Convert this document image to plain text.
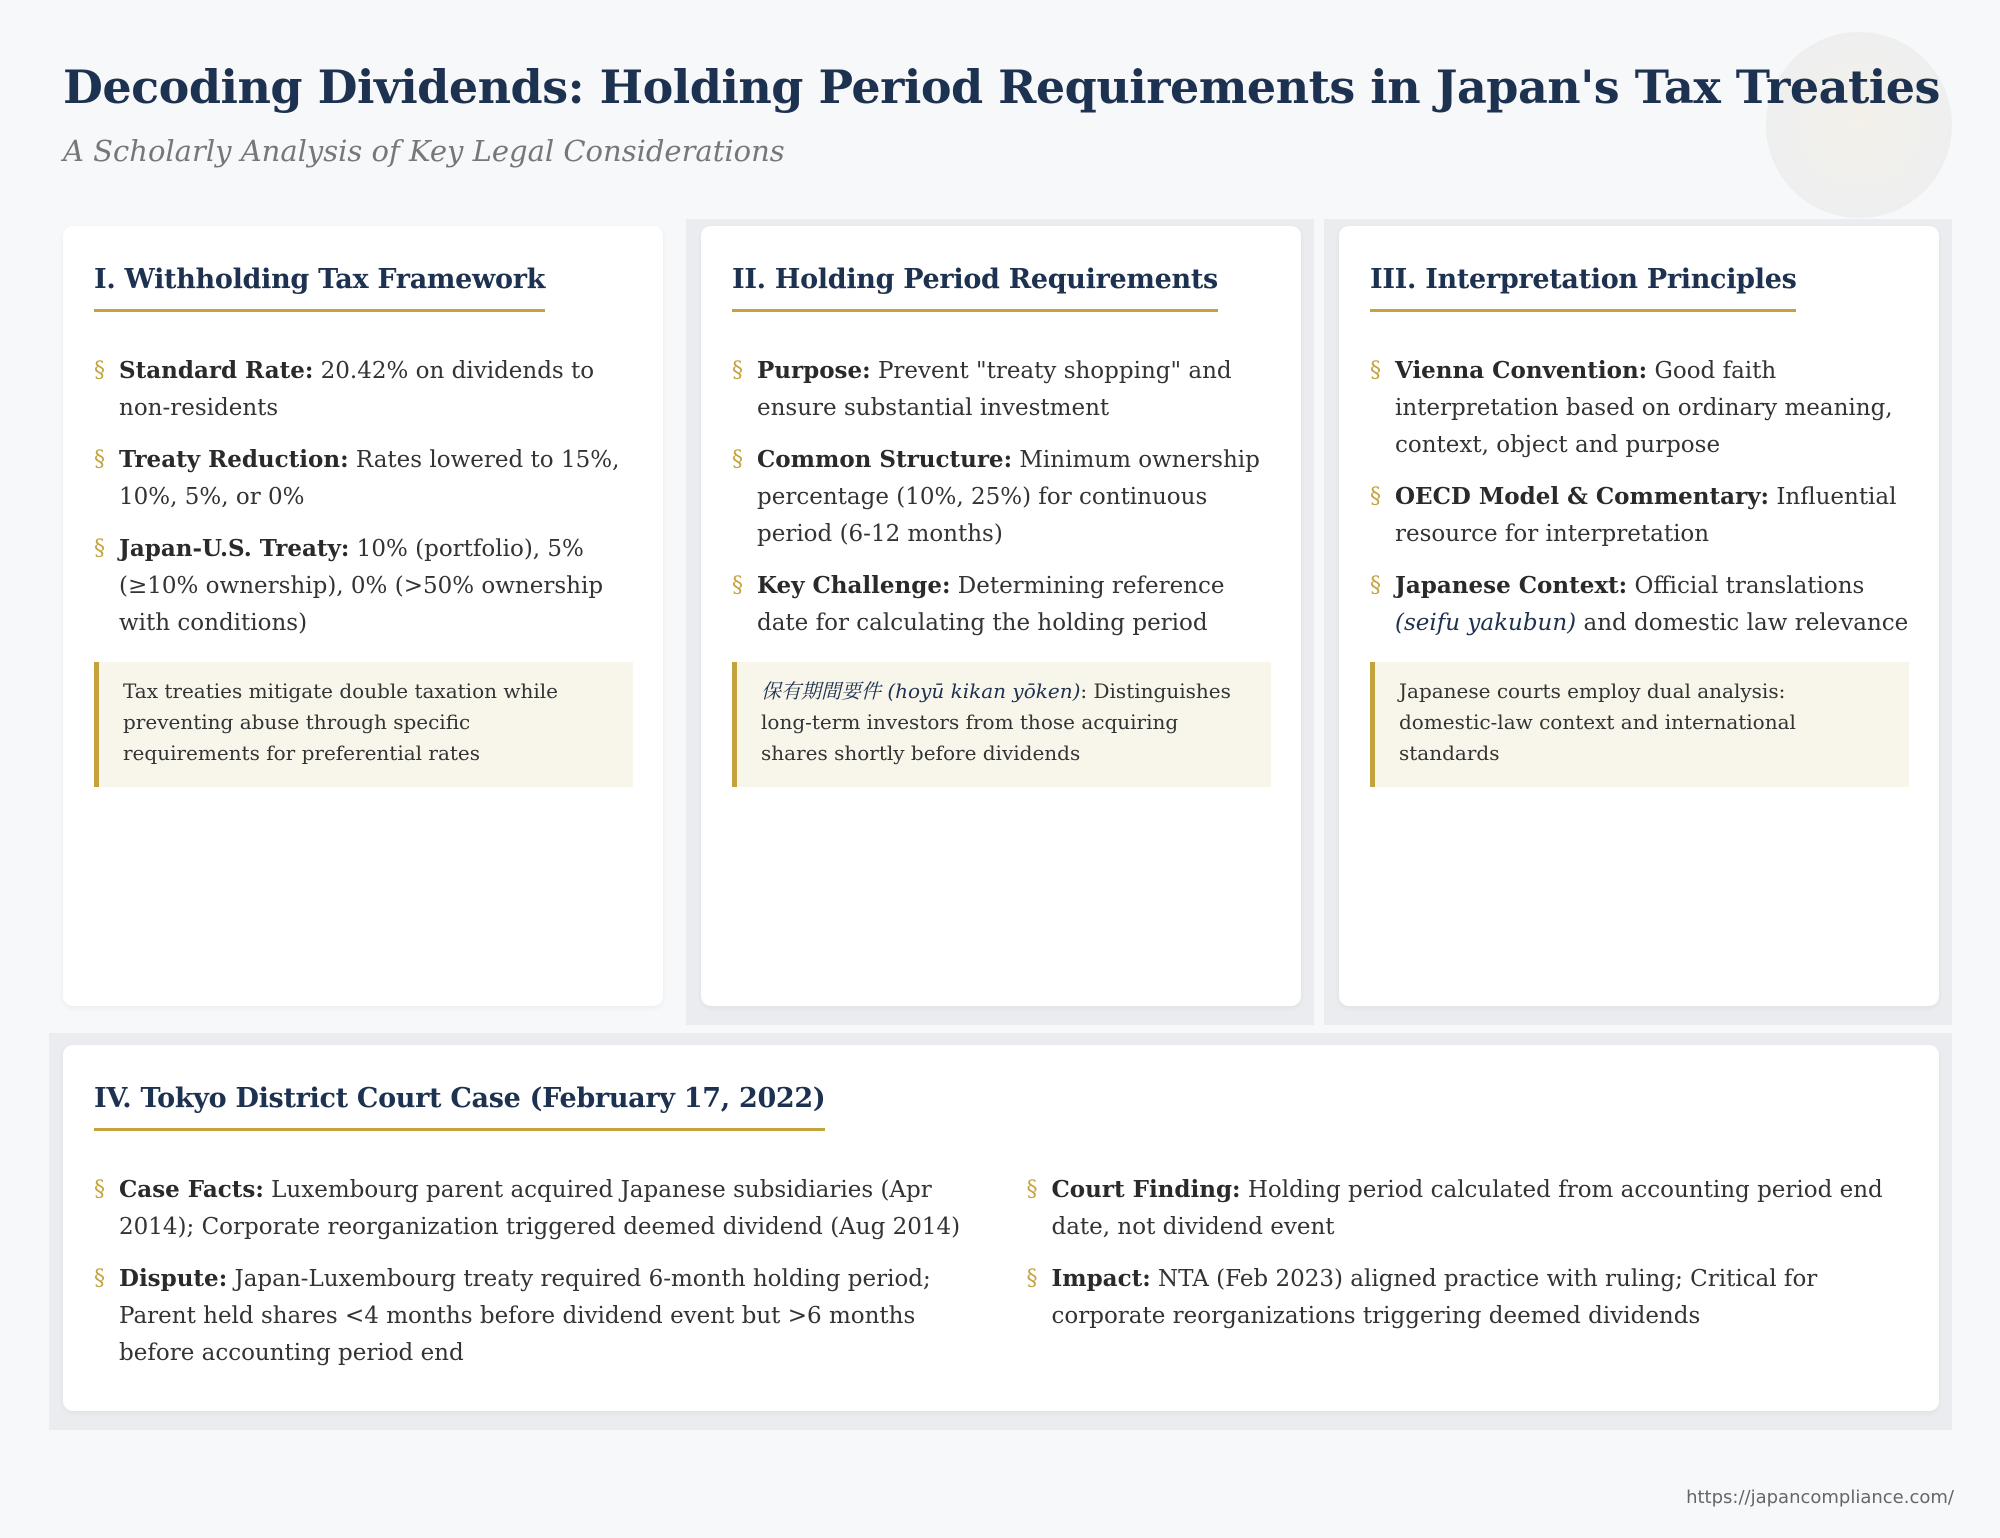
Decoding Dividends: Holding Period Requirements in Japan's Tax Treaties

A Scholarly Analysis of Key Legal Considerations

I. Withholding Tax Framework
§ Standard Rate: 20.42% on dividends to non-residents
§ Treaty Reduction: Rates lowered to 15%, 10%, 5%, or 0%
§ Japan-U.S. Treaty: 10% (portfolio), 5% (≥10% ownership), 0% (>50% ownership with conditions)
Tax treaties mitigate double taxation while preventing abuse through specific requirements for preferential rates
II. Holding Period Requirements
§ Purpose: Prevent "treaty shopping" and ensure substantial investment
§ Common Structure: Minimum ownership percentage (10%, 25%) for continuous period (6-12 months)
§ Key Challenge: Determining reference date for calculating the holding period
保有期間要件 (hoyū kikan yōken): Distinguishes long-term investors from those acquiring shares shortly before dividends
III. Interpretation Principles
§ Vienna Convention: Good faith interpretation based on ordinary meaning, context, object and purpose
§ OECD Model & Commentary: Influential resource for interpretation
§ Japanese Context: Official translations (seifu yakubun) and domestic law relevance
Japanese courts employ dual analysis: domestic-law context and international standards
IV. Tokyo District Court Case (February 17, 2022)
§ Case Facts: Luxembourg parent acquired Japanese subsidiaries (Apr 2014); Corporate reorganization triggered deemed dividend (Aug 2014)
§ Dispute: Japan-Luxembourg treaty required 6-month holding period; Parent held shares <4 months before dividend event but >6 months before accounting period end
§ Court Finding: Holding period calculated from accounting period end date, not dividend event
§ Impact: NTA (Feb 2023) aligned practice with ruling; Critical for corporate reorganizations triggering deemed dividends
https://japancompliance.com/
